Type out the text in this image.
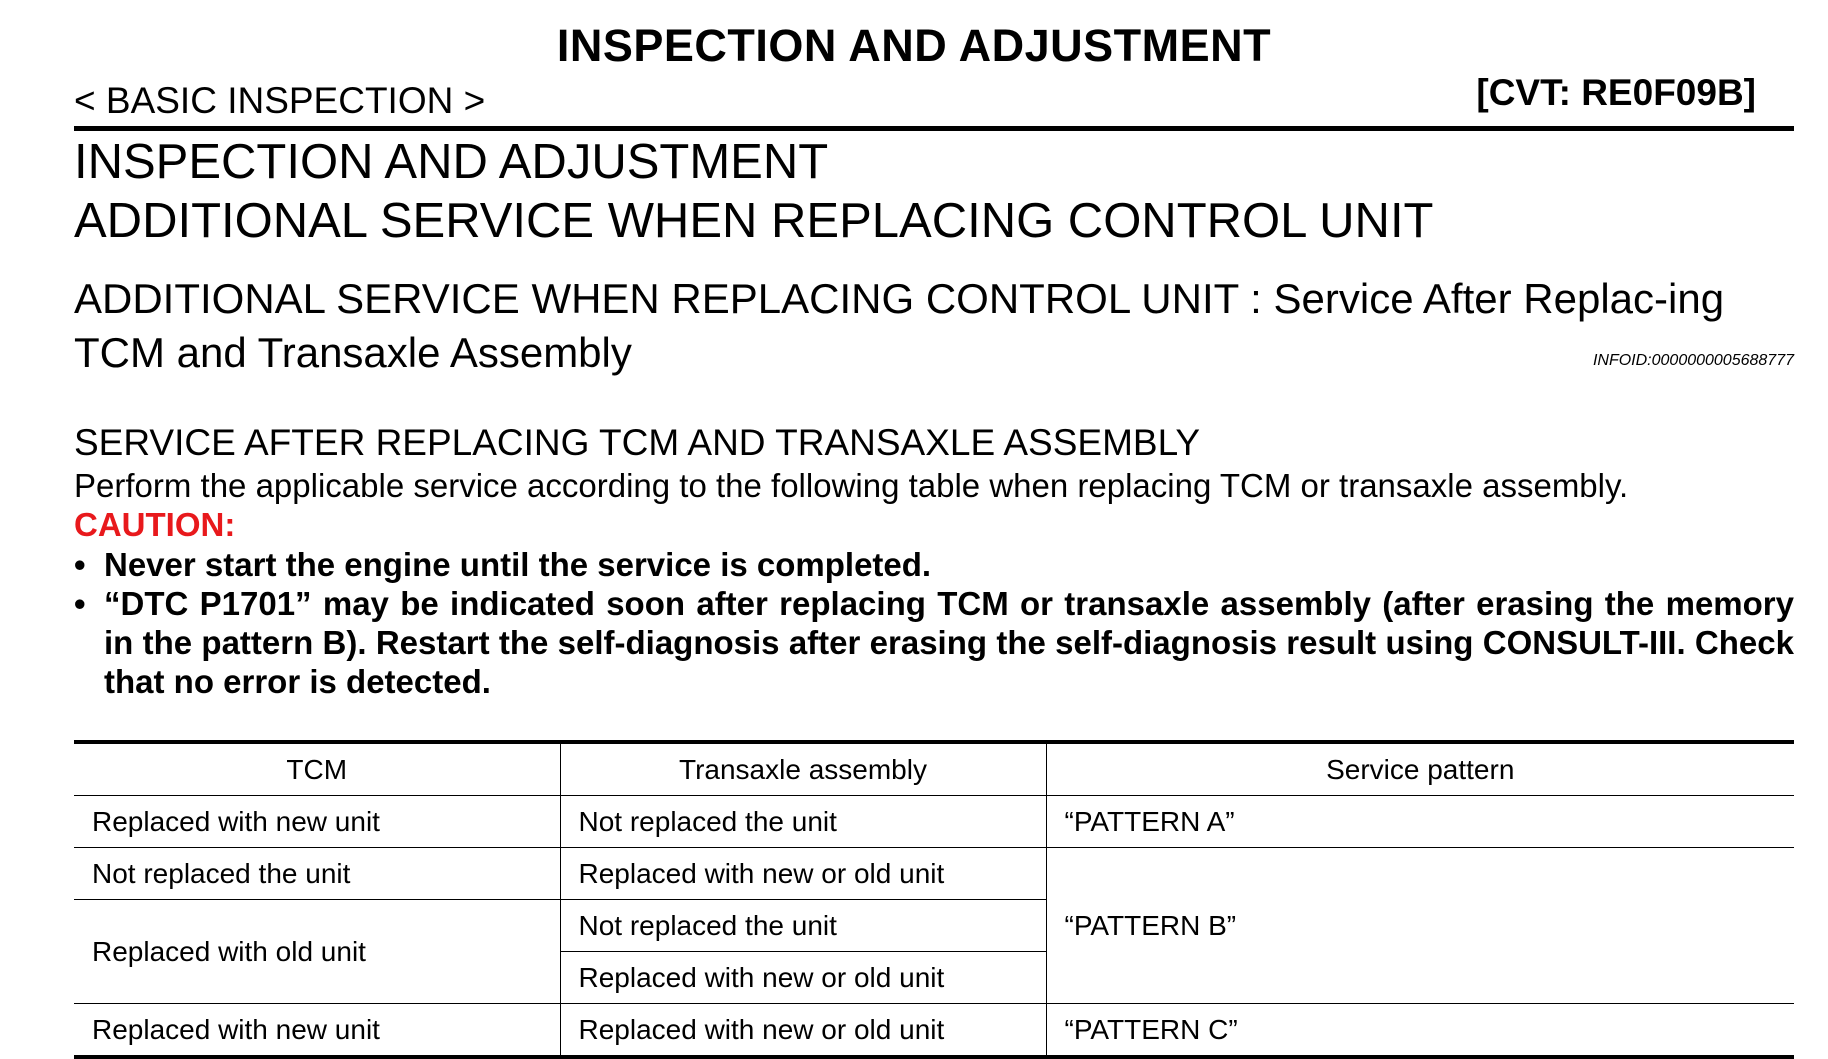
INSPECTION AND ADJUSTMENT
< BASIC INSPECTION >	[CVT: RE0F09B]
INSPECTION AND ADJUSTMENT
ADDITIONAL SERVICE WHEN REPLACING CONTROL UNIT
ADDITIONAL SERVICE WHEN REPLACING CONTROL UNIT : Service After Replac-ing TCM and Transaxle Assembly	INFOID:0000000005688777
SERVICE AFTER REPLACING TCM AND TRANSAXLE ASSEMBLY
Perform the applicable service according to the following table when replacing TCM or transaxle assembly.
CAUTION:
• Never start the engine until the service is completed.
• “DTC P1701” may be indicated soon after replacing TCM or transaxle assembly (after erasing the memory in the pattern B). Restart the self-diagnosis after erasing the self-diagnosis result using CONSULT-III. Check that no error is detected.
TCM	Transaxle assembly	Service pattern
Replaced with new unit	Not replaced the unit	“PATTERN A”
Not replaced the unit	Replaced with new or old unit	“PATTERN B”
Replaced with old unit	Not replaced the unit	
	Replaced with new or old unit	
Replaced with new unit	Replaced with new or old unit	“PATTERN C”
